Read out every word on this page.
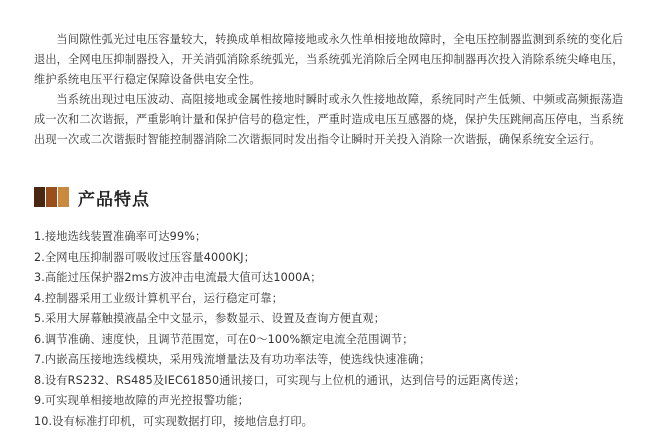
当间隙性弧光过电压容量较大，转换成单相故障接地或永久性单相接地故障时，全电压控制器监测到系统的变化后退出，全网电压抑制器投入，开关消弧消除系统弧光，当系统弧光消除后全网电压抑制器再次投入消除系统尖峰电压，维护系统电压平行稳定保障设备供电安全性。

当系统出现过电压波动、高阻接地或金属性接地时瞬时或永久性接地故障，系统同时产生低频、中频或高频振荡造成一次和二次谐振，严重影响计量和保护信号的稳定性，严重时造成电压互感器的烧，保护失压跳闸高压停电，当系统出现一次或二次谐振时智能控制器消除二次谐振同时发出指令让瞬时开关投入消除一次谐振，确保系统安全运行。

产品特点
1.接地选线装置准确率可达99%；
2.全网电压抑制器可吸收过压容量4000KJ；
3.高能过压保护器2ms方波冲击电流最大值可达1000A；
4.控制器采用工业级计算机平台，运行稳定可靠；
5.采用大屏幕触摸液晶全中文显示，参数显示、设置及查询方便直观；
6.调节准确、速度快，且调节范围宽，可在0～100%额定电流全范围调节；
7.内嵌高压接地选线模块，采用残流增量法及有功功率法等，使选线快速准确；
8.设有RS232、RS485及IEC61850通讯接口，可实现与上位机的通讯，达到信号的远距离传送；
9.可实现单相接地故障的声光控报警功能；
10.设有标准打印机，可实现数据打印，接地信息打印。
